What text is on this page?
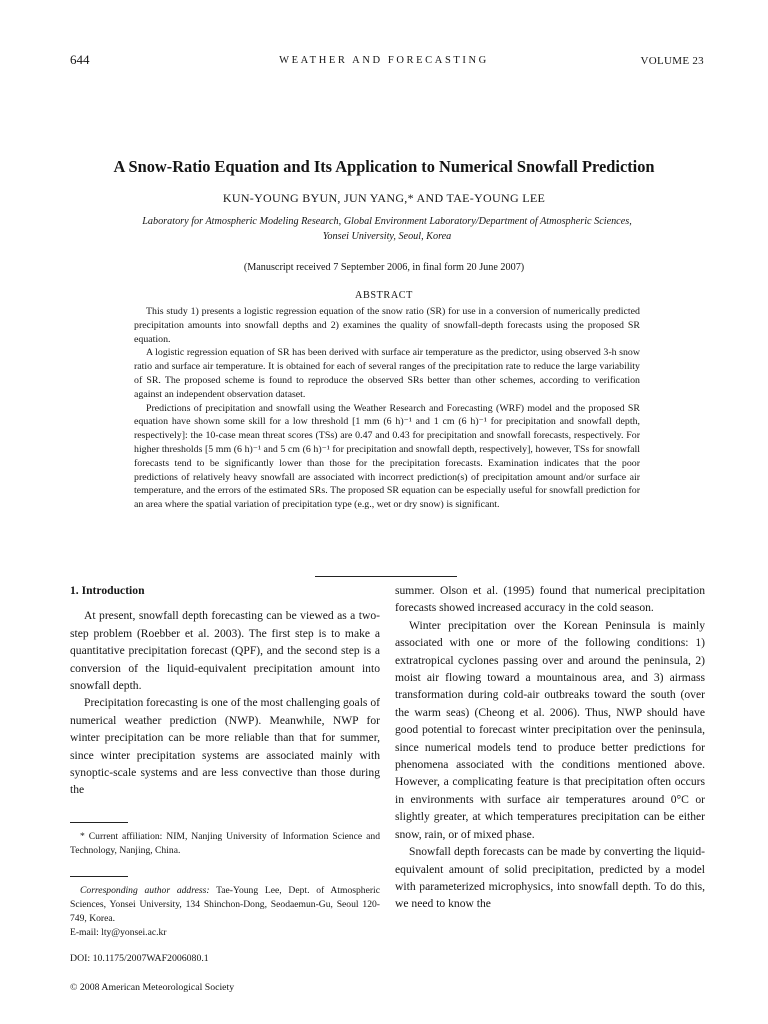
644	WEATHER AND FORECASTING	VOLUME 23
A Snow-Ratio Equation and Its Application to Numerical Snowfall Prediction
KUN-YOUNG BYUN, JUN YANG,* AND TAE-YOUNG LEE
Laboratory for Atmospheric Modeling Research, Global Environment Laboratory/Department of Atmospheric Sciences,
Yonsei University, Seoul, Korea
(Manuscript received 7 September 2006, in final form 20 June 2007)
ABSTRACT

This study 1) presents a logistic regression equation of the snow ratio (SR) for use in a conversion of numerically predicted precipitation amounts into snowfall depths and 2) examines the quality of snowfall-depth forecasts using the proposed SR equation.

A logistic regression equation of SR has been derived with surface air temperature as the predictor, using observed 3-h snow ratio and surface air temperature. It is obtained for each of several ranges of the precipitation rate to reduce the large variability of SR. The proposed scheme is found to reproduce the observed SRs better than other schemes, according to verification against an independent observation dataset.

Predictions of precipitation and snowfall using the Weather Research and Forecasting (WRF) model and the proposed SR equation have shown some skill for a low threshold [1 mm (6 h)⁻¹ and 1 cm (6 h)⁻¹ for precipitation and snowfall depth, respectively]: the 10-case mean threat scores (TSs) are 0.47 and 0.43 for precipitation and snowfall forecasts, respectively. For higher thresholds [5 mm (6 h)⁻¹ and 5 cm (6 h)⁻¹ for precipitation and snowfall depth, respectively], however, TSs for snowfall forecasts tend to be significantly lower than those for the precipitation forecasts. Examination indicates that the poor predictions of relatively heavy snowfall are associated with incorrect prediction(s) of precipitation amount and/or surface air temperature, and the errors of the estimated SRs. The proposed SR equation can be especially useful for snowfall prediction for an area where the spatial variation of precipitation type (e.g., wet or dry snow) is significant.

1. Introduction

At present, snowfall depth forecasting can be viewed as a two-step problem (Roebber et al. 2003). The first step is to make a quantitative precipitation forecast (QPF), and the second step is a conversion of the liquid-equivalent precipitation amount into snowfall depth.

Precipitation forecasting is one of the most challenging goals of numerical weather prediction (NWP). Meanwhile, NWP for winter precipitation can be more reliable than that for summer, since winter precipitation systems are associated mainly with synoptic-scale systems and are less convective than those during the

* Current affiliation: NIM, Nanjing University of Information Science and Technology, Nanjing, China.

Corresponding author address: Tae-Young Lee, Dept. of Atmospheric Sciences, Yonsei University, 134 Shinchon-Dong, Seodaemun-Gu, Seoul 120-749, Korea.

E-mail: lty@yonsei.ac.kr
DOI: 10.1175/2007WAF2006080.1
© 2008 American Meteorological Society

summer. Olson et al. (1995) found that numerical precipitation forecasts showed increased accuracy in the cold season.

Winter precipitation over the Korean Peninsula is mainly associated with one or more of the following conditions: 1) extratropical cyclones passing over and around the peninsula, 2) moist air flowing toward a mountainous area, and 3) airmass transformation during cold-air outbreaks toward the south (over the warm seas) (Cheong et al. 2006). Thus, NWP should have good potential to forecast winter precipitation over the peninsula, since numerical models tend to produce better predictions for phenomena associated with the conditions mentioned above. However, a complicating feature is that precipitation often occurs in environments with surface air temperatures around 0°C or slightly greater, at which temperatures precipitation can be either snow, rain, or of mixed phase.

Snowfall depth forecasts can be made by converting the liquid-equivalent amount of solid precipitation, predicted by a model with parameterized microphysics, into snowfall depth. To do this, we need to know the
